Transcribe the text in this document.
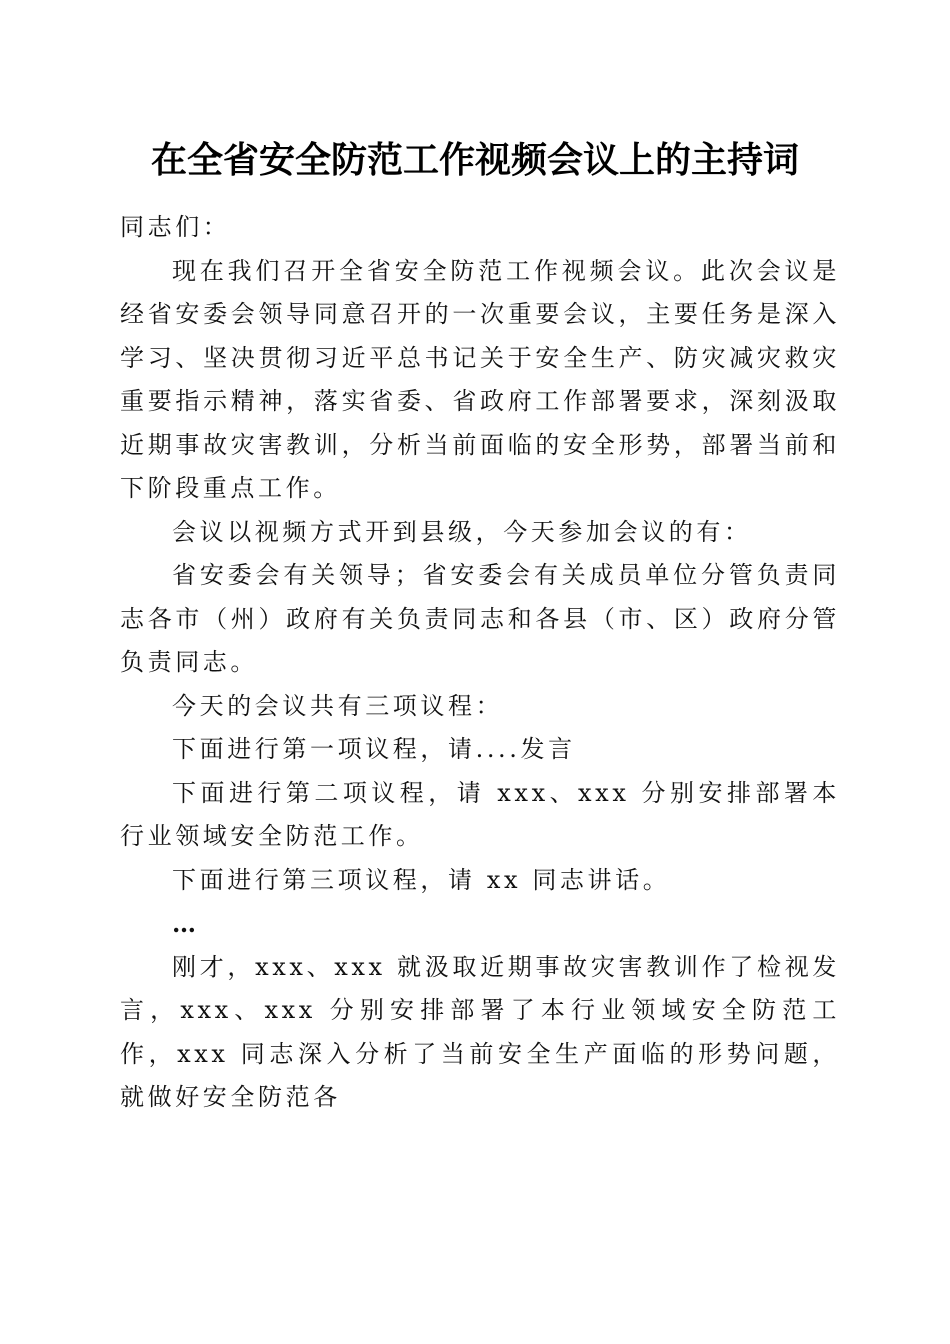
在全省安全防范工作视频会议上的主持词

同志们：

现在我们召开全省安全防范工作视频会议。此次会议是经省安委会领导同意召开的一次重要会议，主要任务是深入学习、坚决贯彻习近平总书记关于安全生产、防灾减灾救灾重要指示精神，落实省委、省政府工作部署要求，深刻汲取近期事故灾害教训，分析当前面临的安全形势，部署当前和下阶段重点工作。

会议以视频方式开到县级，今天参加会议的有：

省安委会有关领导；省安委会有关成员单位分管负责同志各市（州）政府有关负责同志和各县（市、区）政府分管负责同志。

今天的会议共有三项议程：

下面进行第一项议程，请....发言

下面进行第二项议程，请 xxx、xxx 分别安排部署本行业领域安全防范工作。

下面进行第三项议程，请 xx 同志讲话。

…

刚才，xxx、xxx 就汲取近期事故灾害教训作了检视发言，xxx、xxx 分别安排部署了本行业领域安全防范工作，xxx 同志深入分析了当前安全生产面临的形势问题，就做好安全防范各
